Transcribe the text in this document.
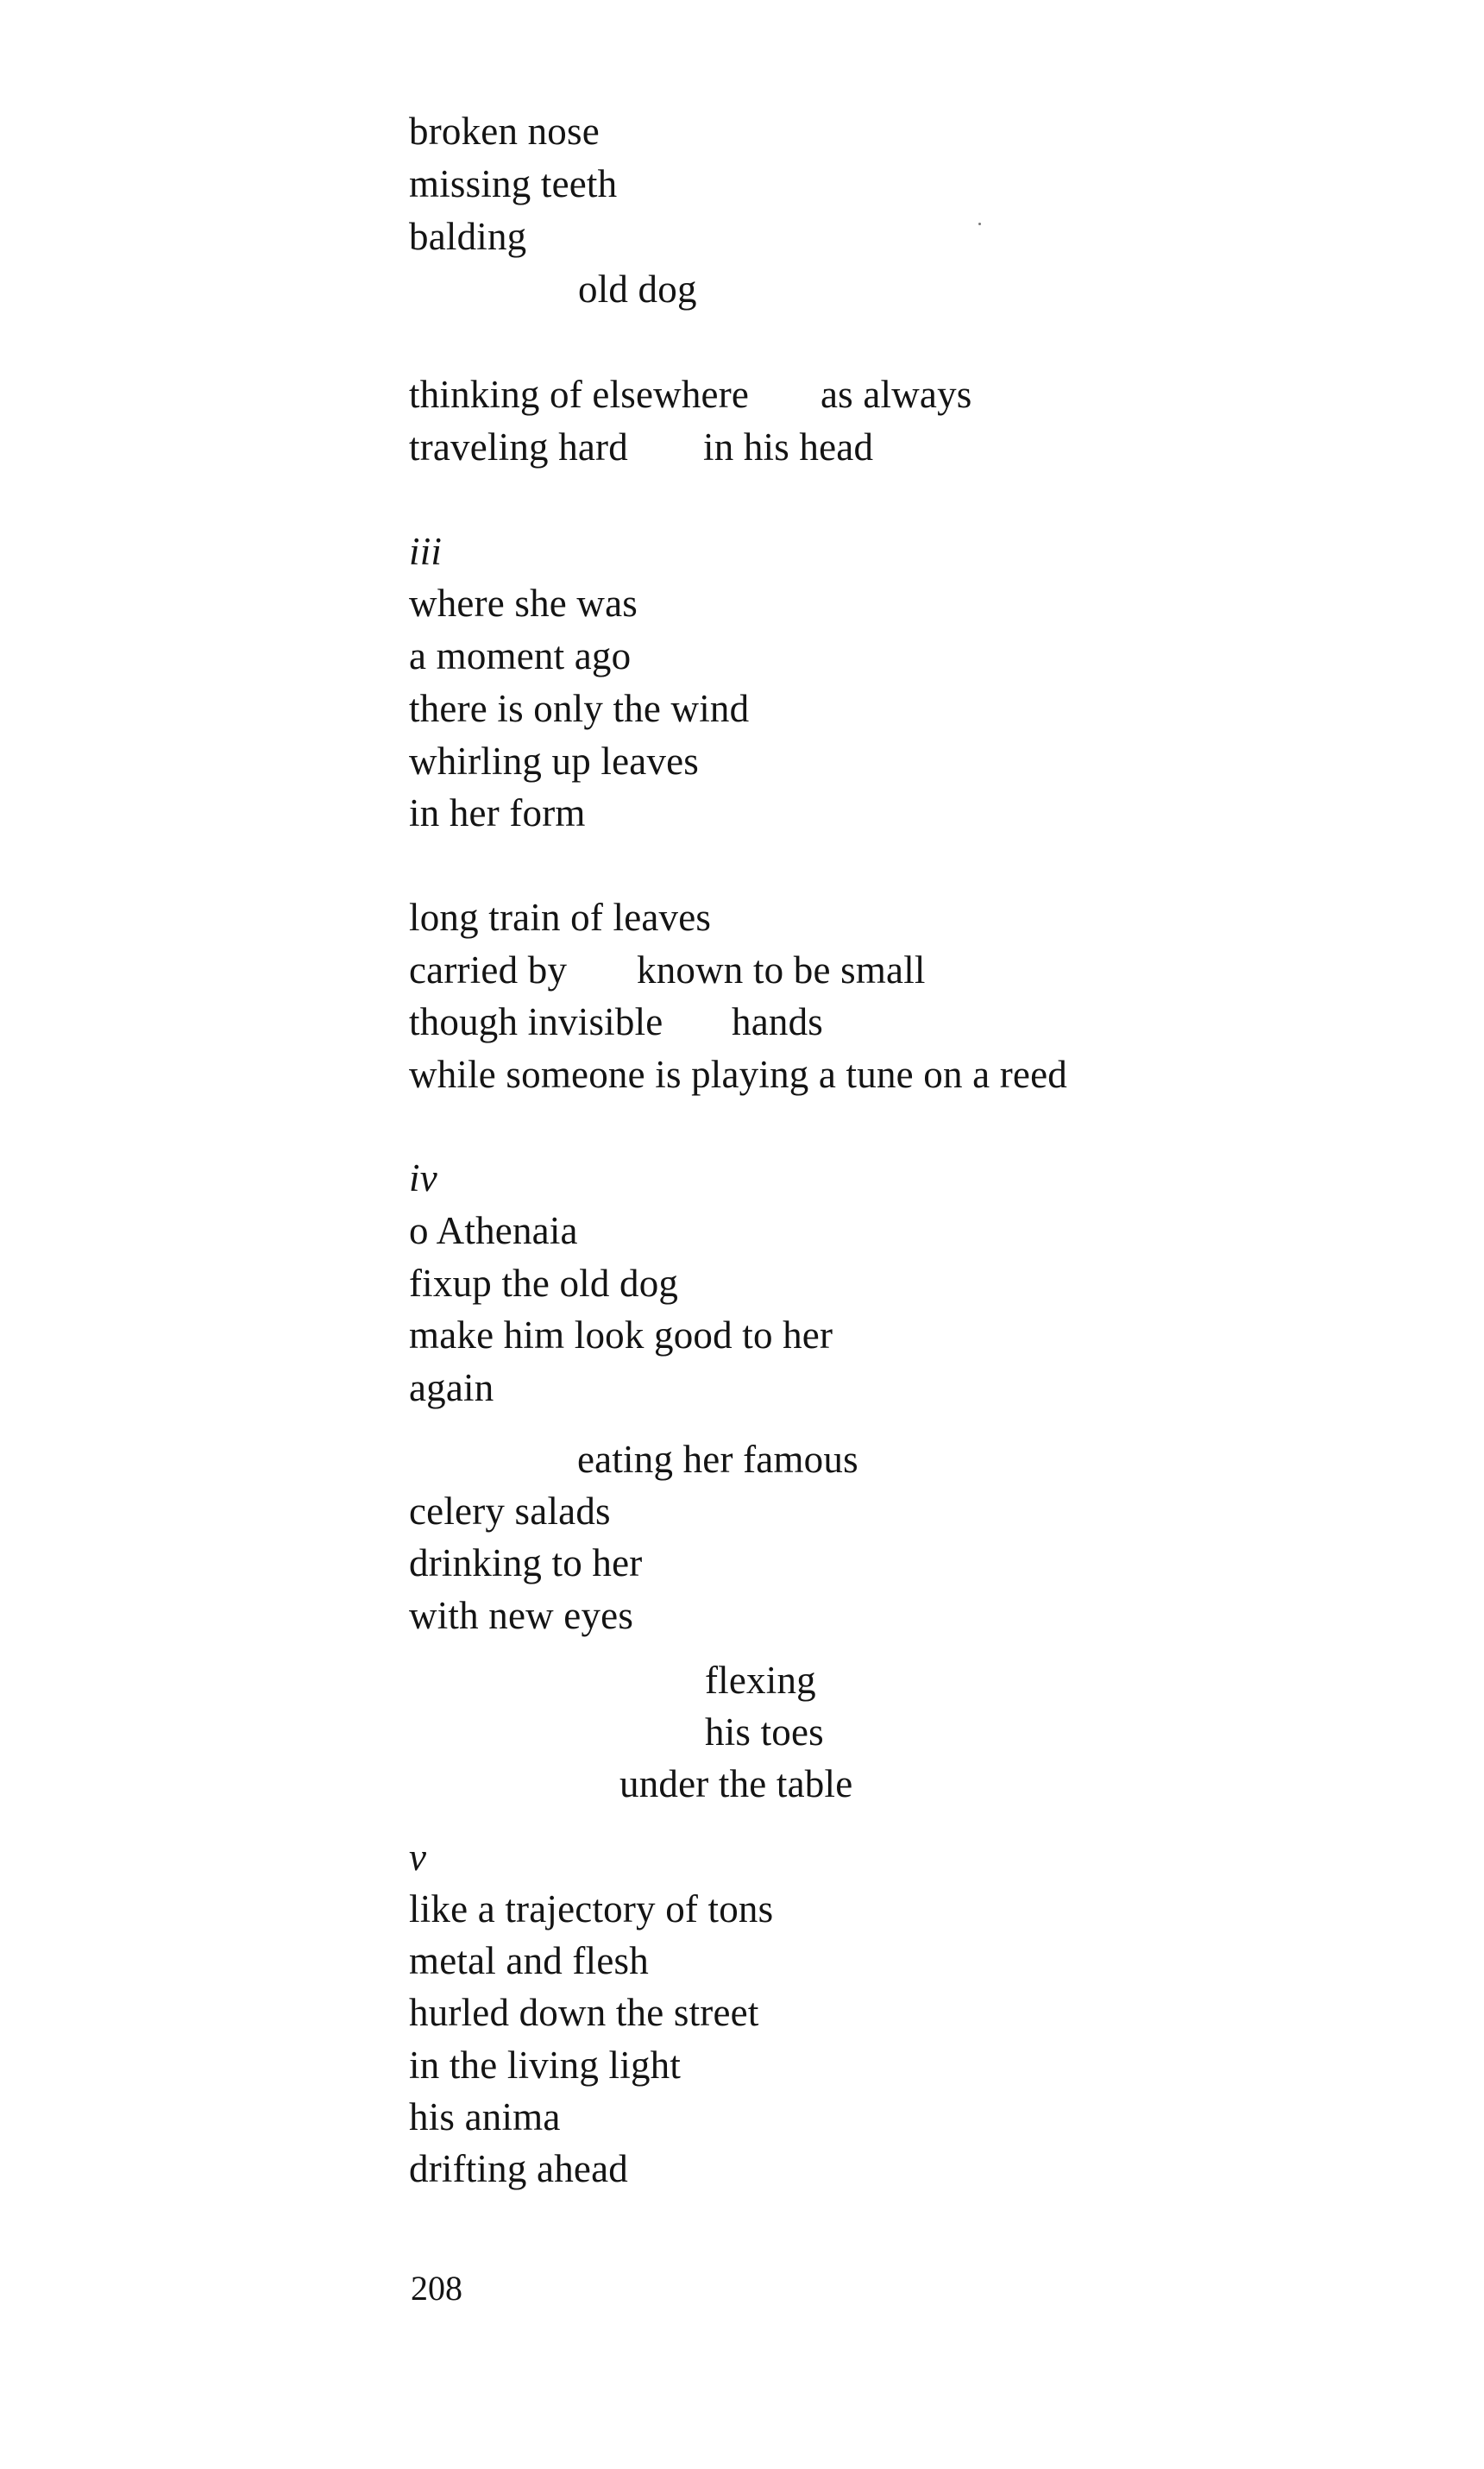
broken nose
missing teeth
balding
old dog
thinking of elsewhere as always
traveling hard in his head
iii
where she was
a moment ago
there is only the wind
whirling up leaves
in her form
long train of leaves
carried by known to be small
though invisible hands
while someone is playing a tune on a reed
iv
o Athenaia
fixup the old dog
make him look good to her
again
eating her famous
celery salads
drinking to her
with new eyes
flexing
his toes
under the table
v
like a trajectory of tons
metal and flesh
hurled down the street
in the living light
his anima
drifting ahead
208
